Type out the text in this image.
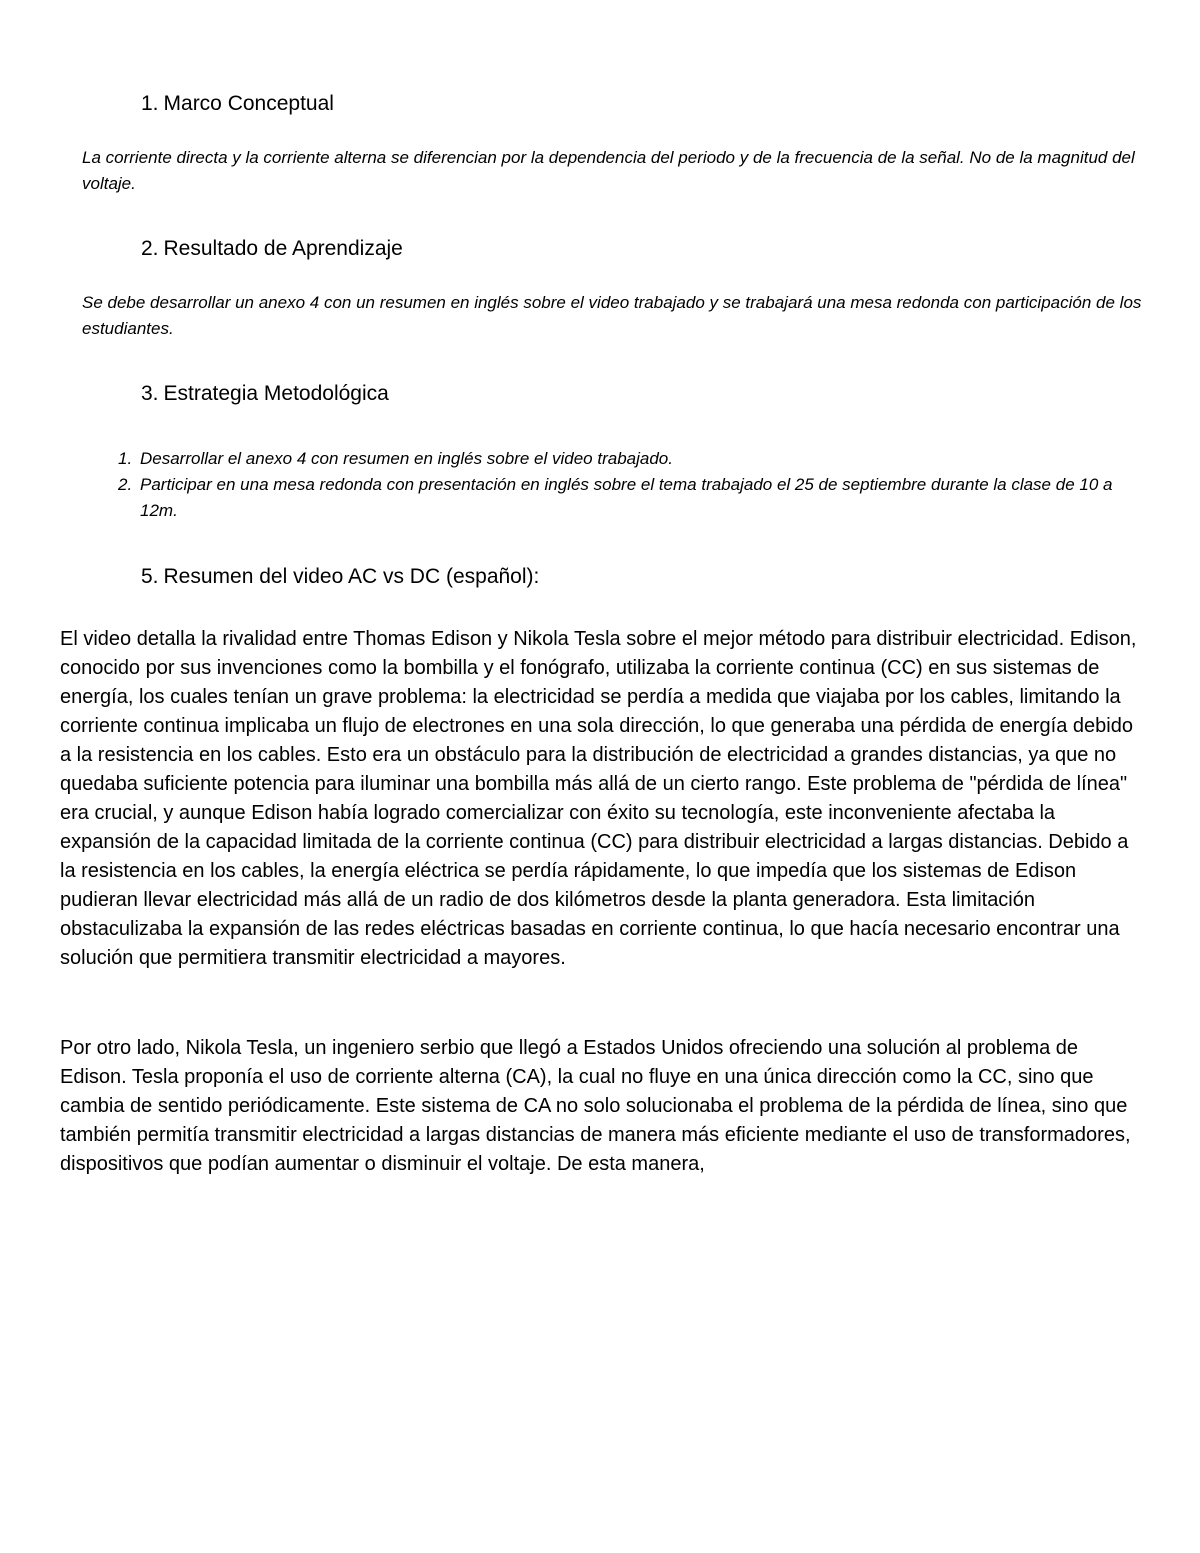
1. Marco Conceptual

La corriente directa y la corriente alterna se diferencian por la dependencia del periodo y de la frecuencia de la señal. No de la magnitud del voltaje.

2. Resultado de Aprendizaje

Se debe desarrollar un anexo 4 con un resumen en inglés sobre el video trabajado y se trabajará una mesa redonda con participación de los estudiantes.

3. Estrategia Metodológica
1. Desarrollar el anexo 4 con resumen en inglés sobre el video trabajado.
2. Participar en una mesa redonda con presentación en inglés sobre el tema trabajado el 25 de septiembre durante la clase de 10 a 12m.
5. Resumen del video AC vs DC (español):

El video detalla la rivalidad entre Thomas Edison y Nikola Tesla sobre el mejor método para distribuir electricidad. Edison, conocido por sus invenciones como la bombilla y el fonógrafo, utilizaba la corriente continua (CC) en sus sistemas de energía, los cuales tenían un grave problema: la electricidad se perdía a medida que viajaba por los cables, limitando la corriente continua implicaba un flujo de electrones en una sola dirección, lo que generaba una pérdida de energía debido a la resistencia en los cables. Esto era un obstáculo para la distribución de electricidad a grandes distancias, ya que no quedaba suficiente potencia para iluminar una bombilla más allá de un cierto rango. Este problema de "pérdida de línea" era crucial, y aunque Edison había logrado comercializar con éxito su tecnología, este inconveniente afectaba la expansión de la capacidad limitada de la corriente continua (CC) para distribuir electricidad a largas distancias. Debido a la resistencia en los cables, la energía eléctrica se perdía rápidamente, lo que impedía que los sistemas de Edison pudieran llevar electricidad más allá de un radio de dos kilómetros desde la planta generadora. Esta limitación obstaculizaba la expansión de las redes eléctricas basadas en corriente continua, lo que hacía necesario encontrar una solución que permitiera transmitir electricidad a mayores.

Por otro lado, Nikola Tesla, un ingeniero serbio que llegó a Estados Unidos ofreciendo una solución al problema de Edison. Tesla proponía el uso de corriente alterna (CA), la cual no fluye en una única dirección como la CC, sino que cambia de sentido periódicamente. Este sistema de CA no solo solucionaba el problema de la pérdida de línea, sino que también permitía transmitir electricidad a largas distancias de manera más eficiente mediante el uso de transformadores, dispositivos que podían aumentar o disminuir el voltaje. De esta manera,
